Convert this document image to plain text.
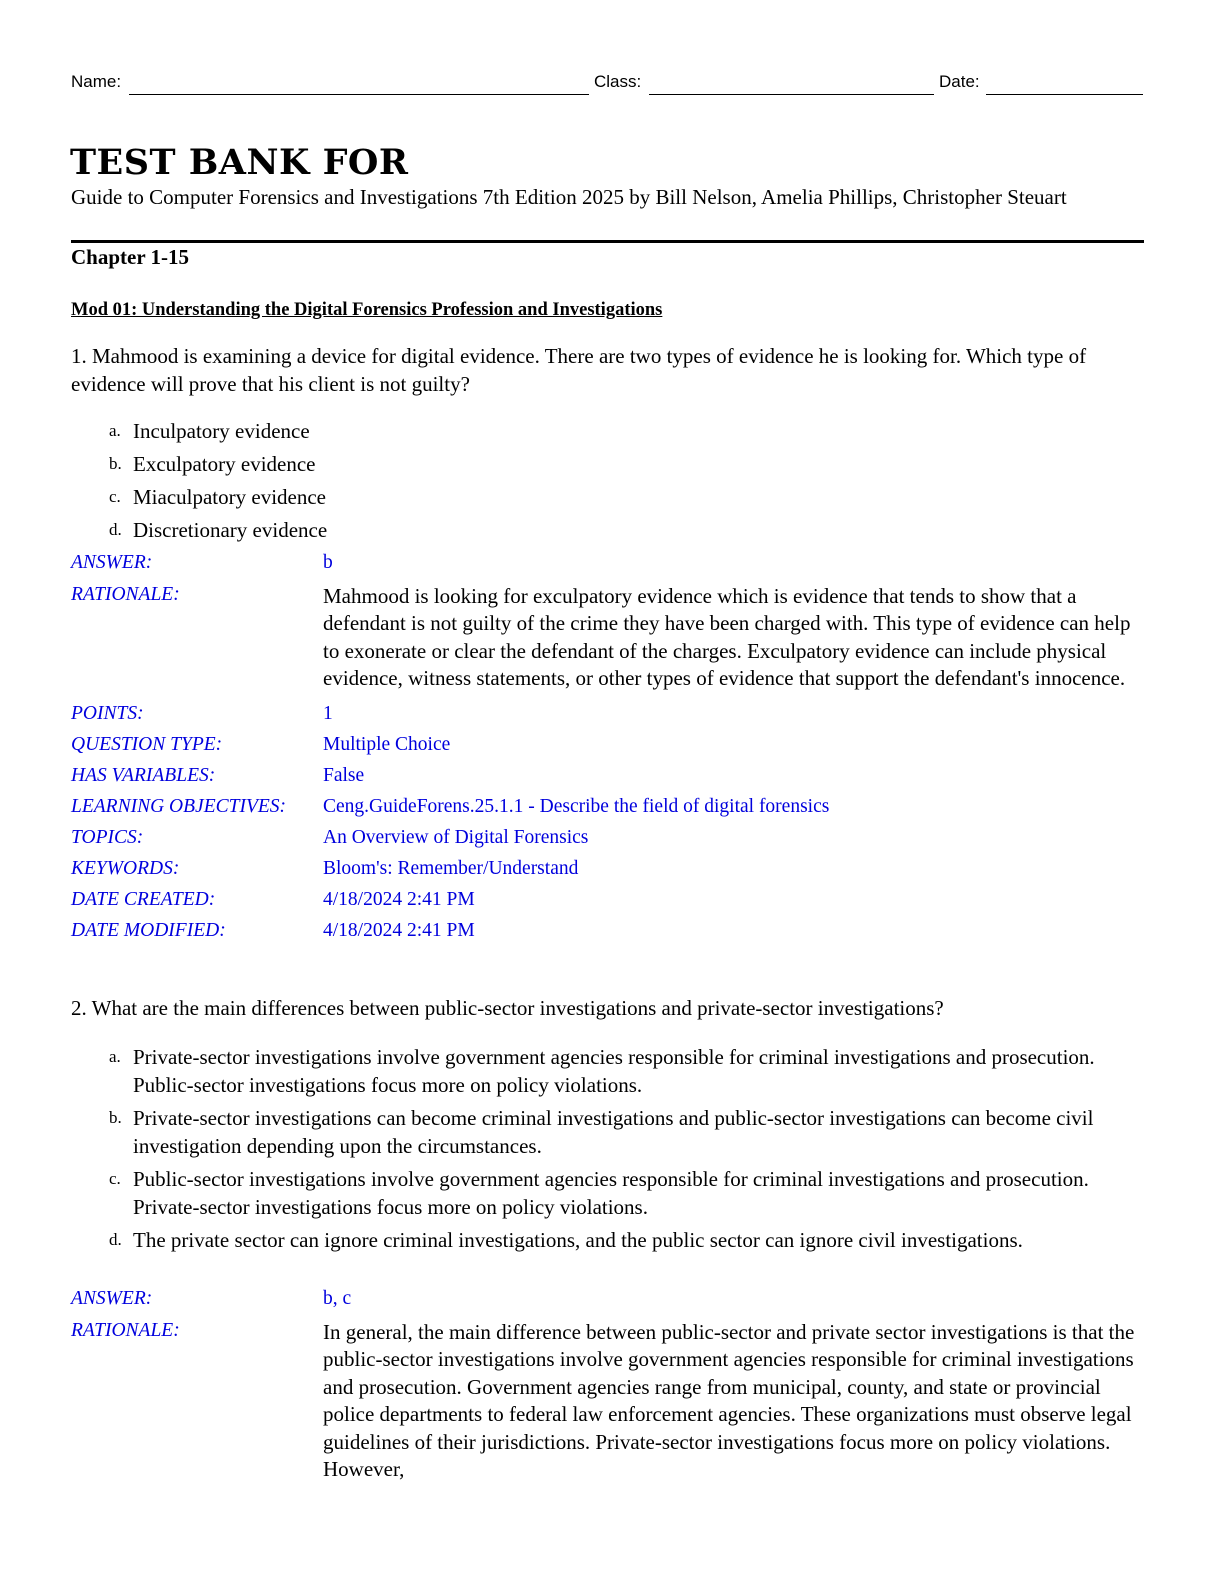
Name:	Class:	Date:
TEST BANK FOR

Guide to Computer Forensics and Investigations 7th Edition 2025 by Bill Nelson, Amelia Phillips, Christopher Steuart

Chapter 1-15

Mod 01: Understanding the Digital Forensics Profession and Investigations

1. Mahmood is examining a device for digital evidence. There are two types of evidence he is looking for. Which type of evidence will prove that his client is not guilty?

a. Inculpatory evidence
b. Exculpatory evidence
c. Miaculpatory evidence
d. Discretionary evidence
ANSWER:	b
RATIONALE:	Mahmood is looking for exculpatory evidence which is evidence that tends to show that a defendant is not guilty of the crime they have been charged with. This type of evidence can help to exonerate or clear the defendant of the charges. Exculpatory evidence can include physical evidence, witness statements, or other types of evidence that support the defendant's innocence.
POINTS:	1
QUESTION TYPE:	Multiple Choice
HAS VARIABLES:	False
LEARNING OBJECTIVES: Ceng.GuideForens.25.1.1 - Describe the field of digital forensics
TOPICS:	An Overview of Digital Forensics
KEYWORDS:	Bloom's: Remember/Understand
DATE CREATED:	4/18/2024 2:41 PM
DATE MODIFIED:	4/18/2024 2:41 PM

2. What are the main differences between public-sector investigations and private-sector investigations?

a. Private-sector investigations involve government agencies responsible for criminal investigations and prosecution. Public-sector investigations focus more on policy violations.
b. Private-sector investigations can become criminal investigations and public-sector investigations can become civil investigation depending upon the circumstances.
c. Public-sector investigations involve government agencies responsible for criminal investigations and prosecution. Private-sector investigations focus more on policy violations.
d. The private sector can ignore criminal investigations, and the public sector can ignore civil investigations.
ANSWER:	b, c
RATIONALE:	In general, the main difference between public-sector and private sector investigations is that the public-sector investigations involve government agencies responsible for criminal investigations and prosecution. Government agencies range from municipal, county, and state or provincial police departments to federal law enforcement agencies. These organizations must observe legal guidelines of their jurisdictions. Private-sector investigations focus more on policy violations. However,
